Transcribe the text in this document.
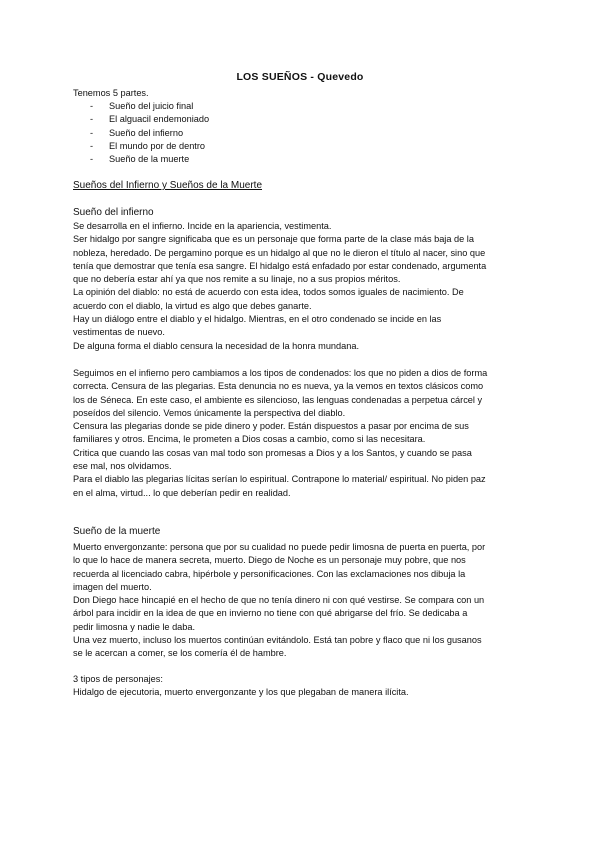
LOS SUEÑOS - Quevedo
Tenemos 5 partes.
- Sueño del juicio final
- El alguacil endemoniado
- Sueño del infierno
- El mundo por de dentro
- Sueño de la muerte
Sueños del Infierno y Sueños de la Muerte
Sueño del infierno

Se desarrolla en el infierno. Incide en la apariencia, vestimenta.

Ser hidalgo por sangre significaba que es un personaje que forma parte de la clase más baja de la

nobleza, heredado. De pergamino porque es un hidalgo al que no le dieron el título al nacer, sino que

tenía que demostrar que tenía esa sangre. El hidalgo está enfadado por estar condenado, argumenta

que no debería estar ahí ya que nos remite a su linaje, no a sus propios méritos.

La opinión del diablo: no está de acuerdo con esta idea, todos somos iguales de nacimiento. De

acuerdo con el diablo, la virtud es algo que debes ganarte.

Hay un diálogo entre el diablo y el hidalgo. Mientras, en el otro condenado se incide en las

vestimentas de nuevo.

De alguna forma el diablo censura la necesidad de la honra mundana.

Seguimos en el infierno pero cambiamos a los tipos de condenados: los que no piden a dios de forma

correcta. Censura de las plegarias. Esta denuncia no es nueva, ya la vemos en textos clásicos como

los de Séneca. En este caso, el ambiente es silencioso, las lenguas condenadas a perpetua cárcel y

poseídos del silencio. Vemos únicamente la perspectiva del diablo.

Censura las plegarias donde se pide dinero y poder. Están dispuestos a pasar por encima de sus

familiares y otros. Encima, le prometen a Dios cosas a cambio, como si las necesitara.

Critica que cuando las cosas van mal todo son promesas a Dios y a los Santos, y cuando se pasa

ese mal, nos olvidamos.

Para el diablo las plegarias lícitas serían lo espiritual. Contrapone lo material/ espiritual. No piden paz

en el alma, virtud... lo que deberían pedir en realidad.

Sueño de la muerte

Muerto envergonzante: persona que por su cualidad no puede pedir limosna de puerta en puerta, por

lo que lo hace de manera secreta, muerto. Diego de Noche es un personaje muy pobre, que nos

recuerda al licenciado cabra, hipérbole y personificaciones. Con las exclamaciones nos dibuja la

imagen del muerto.

Don Diego hace hincapié en el hecho de que no tenía dinero ni con qué vestirse. Se compara con un

árbol para incidir en la idea de que en invierno no tiene con qué abrigarse del frío. Se dedicaba a

pedir limosna y nadie le daba.

Una vez muerto, incluso los muertos continúan evitándolo. Está tan pobre y flaco que ni los gusanos

se le acercan a comer, se los comería él de hambre.

3 tipos de personajes:

Hidalgo de ejecutoria, muerto envergonzante y los que plegaban de manera ilícita.
